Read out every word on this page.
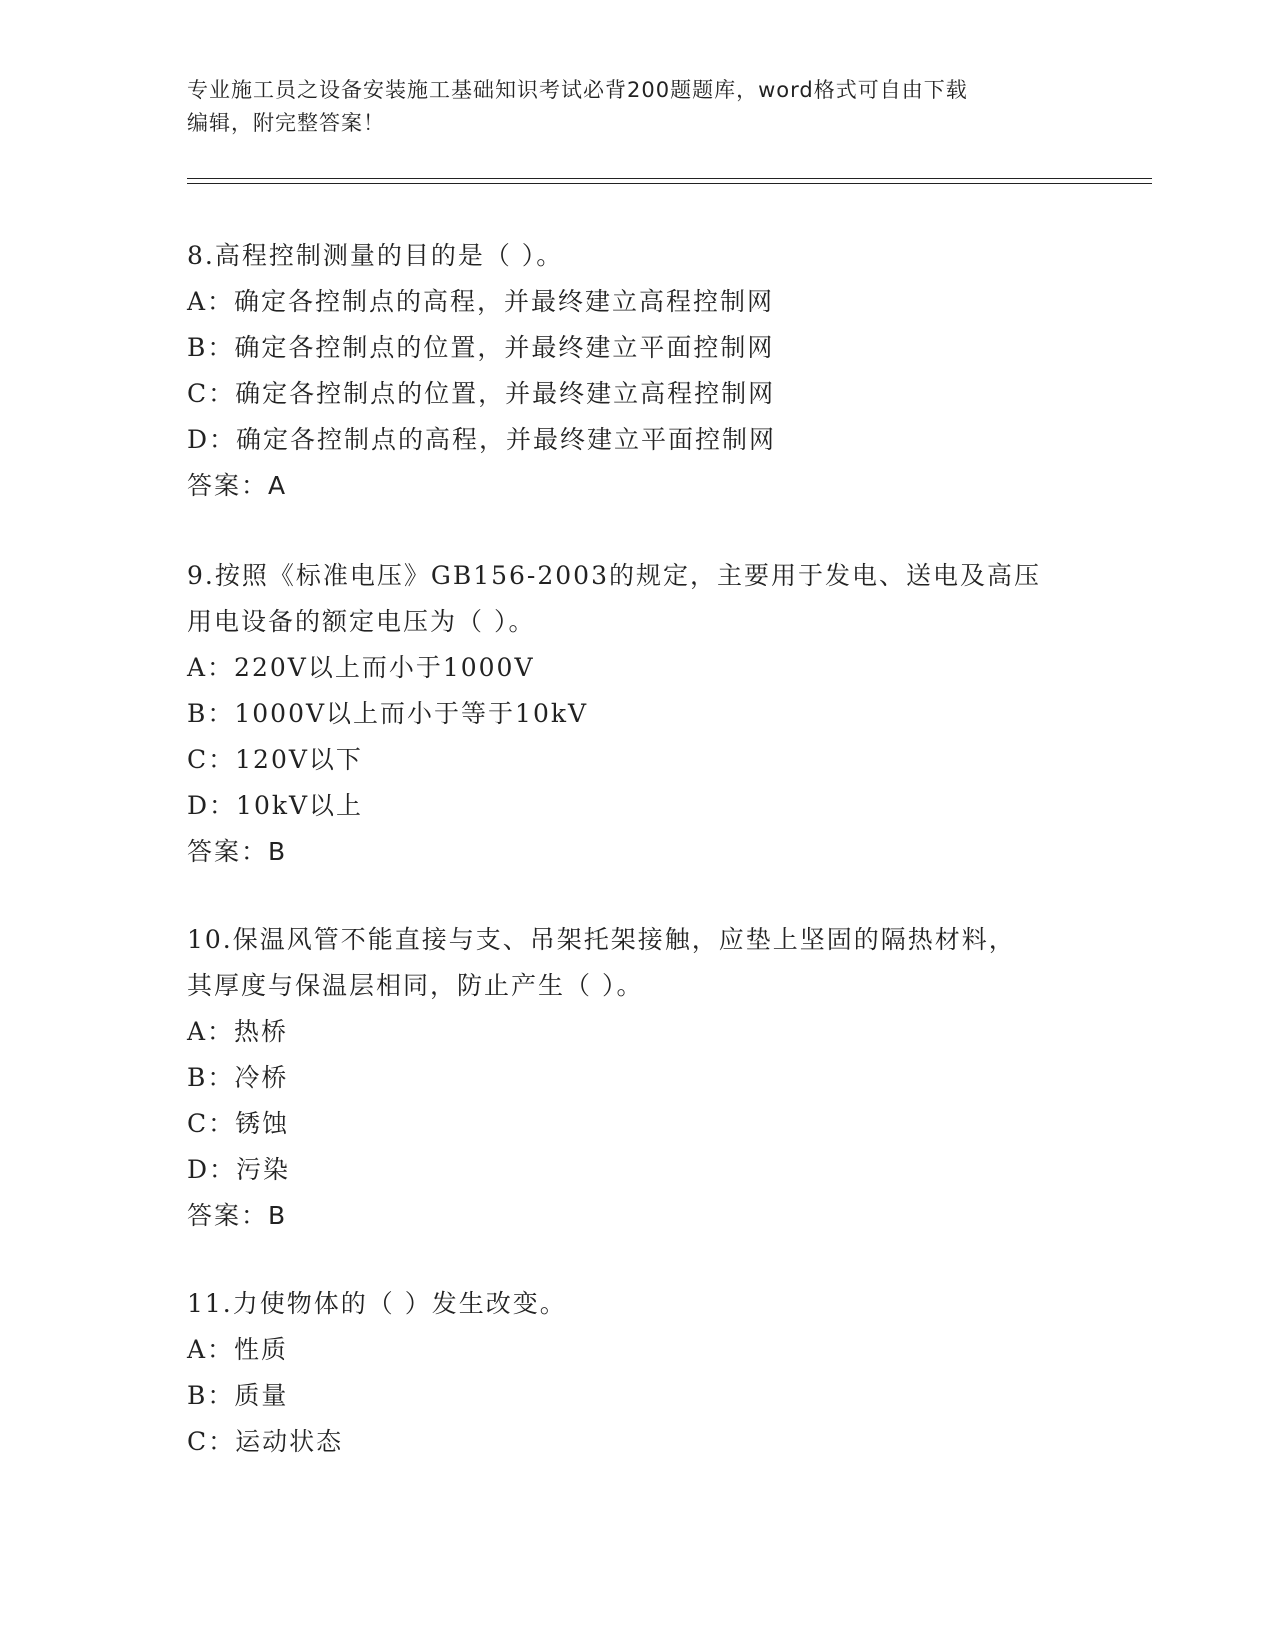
专业施工员之设备安装施工基础知识考试必背200题题库，word格式可自由下载
编辑，附完整答案！
8.高程控制测量的目的是（ ）。
A：确定各控制点的高程，并最终建立高程控制网
B：确定各控制点的位置，并最终建立平面控制网
C：确定各控制点的位置，并最终建立高程控制网
D：确定各控制点的高程，并最终建立平面控制网
答案：A
9.按照《标准电压》GB156-2003的规定，主要用于发电、送电及高压
用电设备的额定电压为（ ）。
A：220V以上而小于1000V
B：1000V以上而小于等于10kV
C：120V以下
D：10kV以上
答案：B
10.保温风管不能直接与支、吊架托架接触，应垫上坚固的隔热材料，
其厚度与保温层相同，防止产生（ ）。
A：热桥
B：冷桥
C：锈蚀
D：污染
答案：B
11.力使物体的（ ）发生改变。
A：性质
B：质量
C：运动状态
